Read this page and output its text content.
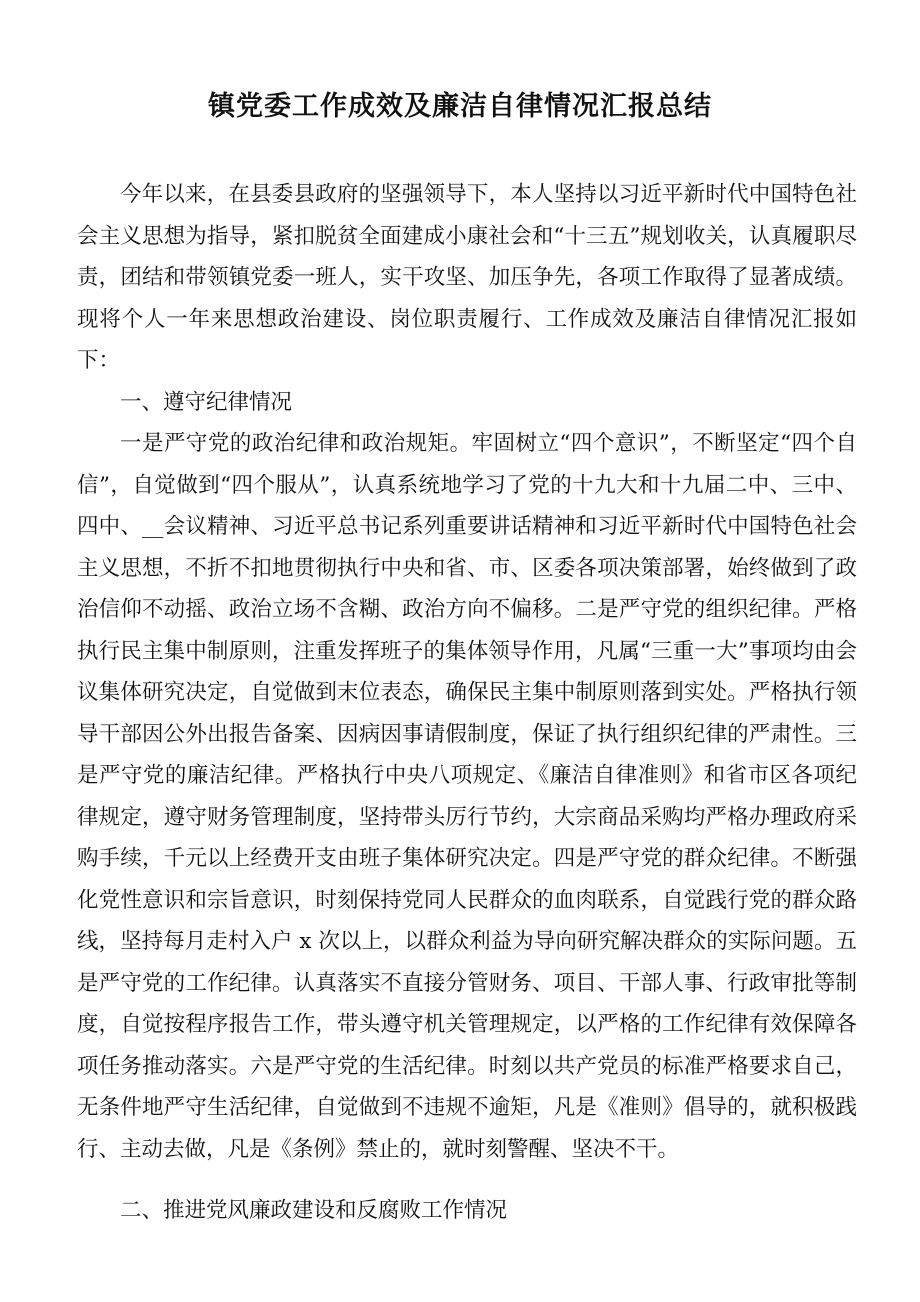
镇党委工作成效及廉洁自律情况汇报总结

今年以来，在县委县政府的坚强领导下，本人坚持以习近平新时代中国特色社会主义思想为指导，紧扣脱贫全面建成小康社会和“十三五”规划收关，认真履职尽责，团结和带领镇党委一班人，实干攻坚、加压争先，各项工作取得了显著成绩。现将个人一年来思想政治建设、岗位职责履行、工作成效及廉洁自律情况汇报如下：

一、遵守纪律情况

一是严守党的政治纪律和政治规矩。牢固树立“四个意识”，不断坚定“四个自信”，自觉做到“四个服从”，认真系统地学习了党的十九大和十九届二中、三中、四中、__会议精神、习近平总书记系列重要讲话精神和习近平新时代中国特色社会主义思想，不折不扣地贯彻执行中央和省、市、区委各项决策部署，始终做到了政治信仰不动摇、政治立场不含糊、政治方向不偏移。二是严守党的组织纪律。严格执行民主集中制原则，注重发挥班子的集体领导作用，凡属“三重一大”事项均由会议集体研究决定，自觉做到末位表态，确保民主集中制原则落到实处。严格执行领导干部因公外出报告备案、因病因事请假制度，保证了执行组织纪律的严肃性。三是严守党的廉洁纪律。严格执行中央八项规定、《廉洁自律准则》和省市区各项纪律规定，遵守财务管理制度，坚持带头厉行节约，大宗商品采购均严格办理政府采购手续，千元以上经费开支由班子集体研究决定。四是严守党的群众纪律。不断强化党性意识和宗旨意识，时刻保持党同人民群众的血肉联系，自觉践行党的群众路线，坚持每月走村入户 x 次以上，以群众利益为导向研究解决群众的实际问题。五是严守党的工作纪律。认真落实不直接分管财务、项目、干部人事、行政审批等制度，自觉按程序报告工作，带头遵守机关管理规定，以严格的工作纪律有效保障各项任务推动落实。六是严守党的生活纪律。时刻以共产党员的标准严格要求自己，无条件地严守生活纪律，自觉做到不违规不逾矩，凡是《准则》倡导的，就积极践行、主动去做，凡是《条例》禁止的，就时刻警醒、坚决不干。

二、推进党风廉政建设和反腐败工作情况
